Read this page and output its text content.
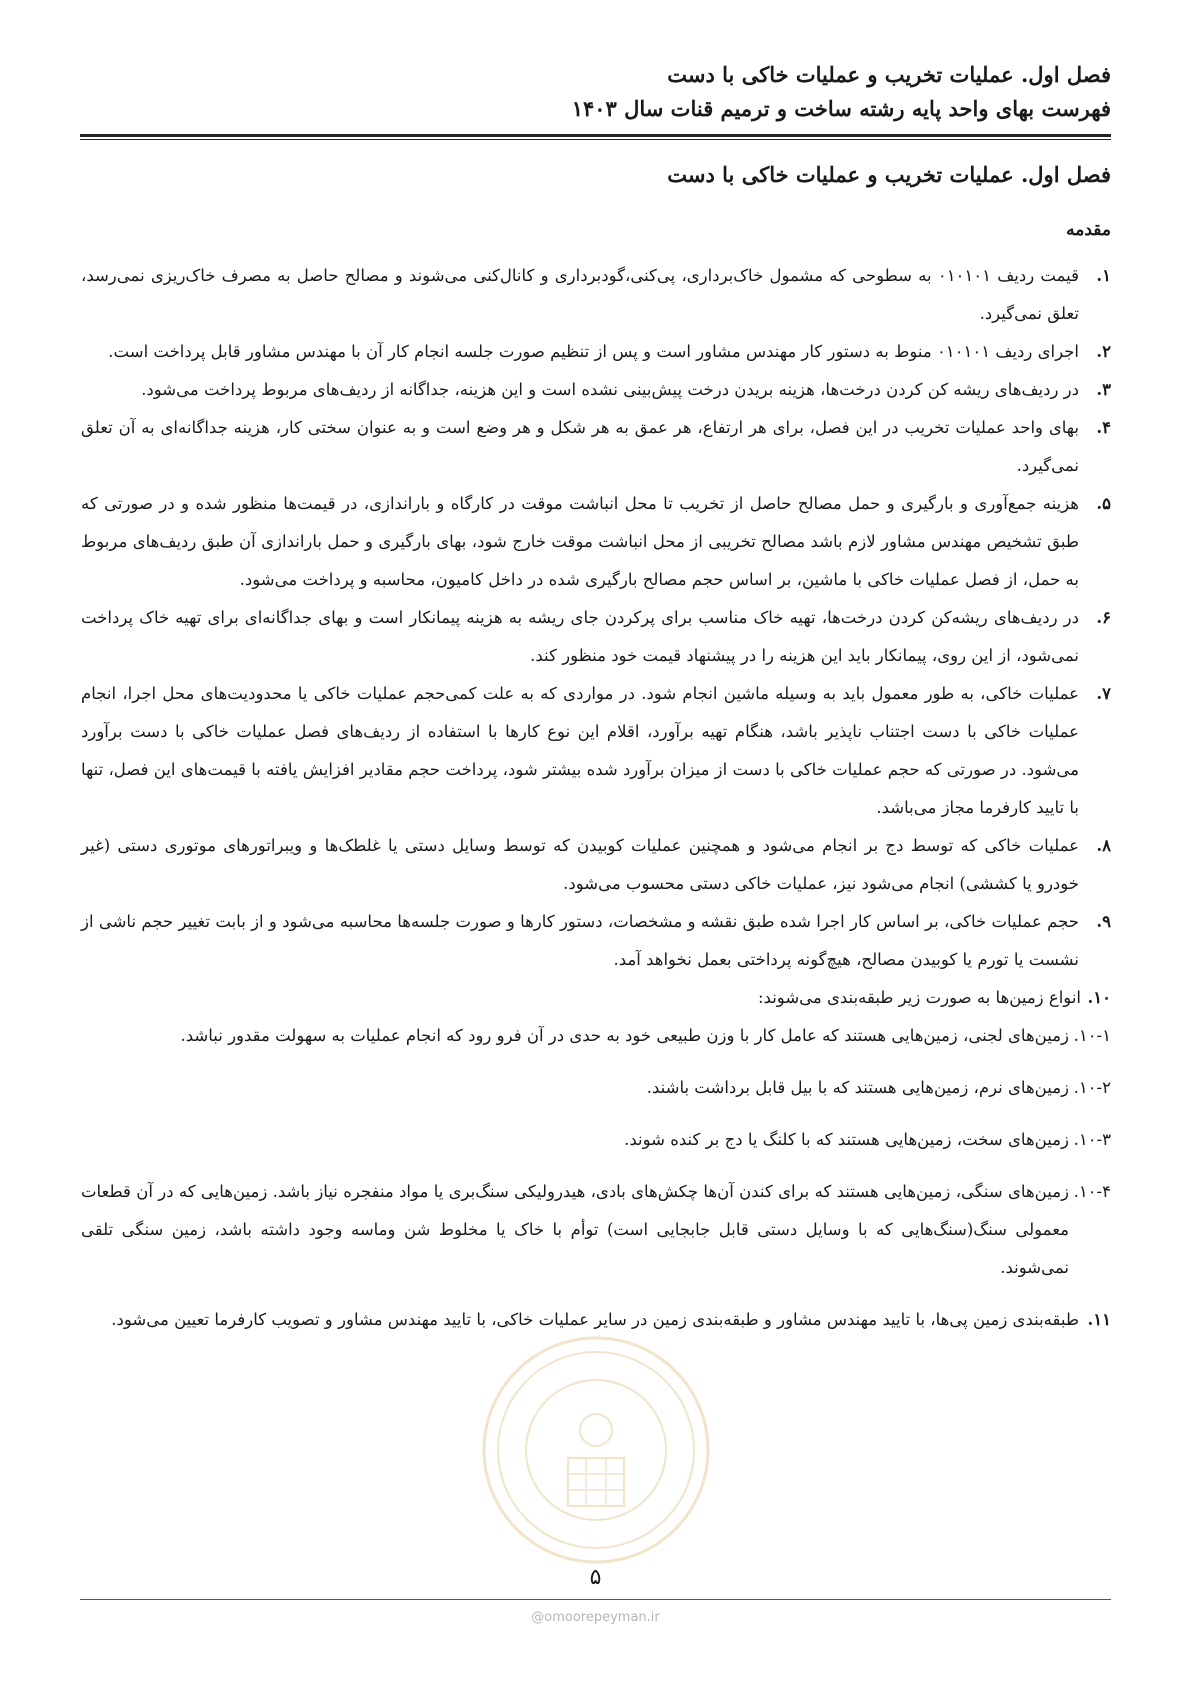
فصل اول. عملیات تخریب و عملیات خاکی با دست
فهرست بهای واحد پایه رشته ساخت و ترمیم قنات سال ۱۴۰۳
فصل اول. عملیات تخریب و عملیات خاکی با دست
مقدمه
۱.
قیمت ردیف ۰۱۰۱۰۱ به سطوحی که مشمول خاک‌برداری، پی‌کنی،گودبرداری و کانال‌کنی می‌شوند و مصالح حاصل به مصرف خاک‌ریزی نمی‌رسد، تعلق نمی‌گیرد.
۲.
اجرای ردیف ۰۱۰۱۰۱ منوط به دستور کار مهندس مشاور است و پس از تنظیم صورت جلسه انجام کار آن با مهندس مشاور قابل پرداخت است.
۳.
در ردیف‌های ریشه کن کردن درخت‌ها، هزینه بریدن درخت پیش‌بینی نشده است و این هزینه، جداگانه از ردیف‌های مربوط پرداخت می‌شود.
۴.
بهای واحد عملیات تخریب در این فصل، برای هر ارتفاع، هر عمق به هر شکل و هر وضع است و به عنوان سختی کار، هزینه جداگانه‌ای به آن تعلق نمی‌گیرد.
۵.
هزینه جمع‌آوری و بارگیری و حمل مصالح حاصل از تخریب تا محل انباشت موقت در کارگاه و باراندازی، در قیمت‌ها منظور شده و در صورتی که طبق تشخیص مهندس مشاور لازم باشد مصالح تخریبی از محل انباشت موقت خارج شود، بهای بارگیری و حمل باراندازی آن طبق ردیف‌های مربوط به حمل، از فصل عملیات خاکی با ماشین، بر اساس حجم مصالح بارگیری شده در داخل کامیون، محاسبه و پرداخت می‌شود.
۶.
در ردیف‌های ریشه‌کن کردن درخت‌ها، تهیه خاک مناسب برای پرکردن جای ریشه به هزینه پیمانکار است و بهای جداگانه‌ای برای تهیه خاک پرداخت نمی‌شود، از این روی، پیمانکار باید این هزینه را در پیشنهاد قیمت خود منظور کند.
۷.
عملیات خاکی، به طور معمول باید به وسیله ماشین انجام شود. در مواردی که به علت کمی‌حجم عملیات خاکی یا محدودیت‌های محل اجرا، انجام عملیات خاکی با دست اجتناب ناپذیر باشد، هنگام تهیه برآورد، اقلام این نوع کارها با استفاده از ردیف‌های فصل عملیات خاکی با دست برآورد می‌شود. در صورتی که حجم عملیات خاکی با دست از میزان برآورد شده بیشتر شود، پرداخت حجم مقادیر افزایش یافته با قیمت‌های این فصل، تنها با تایید کارفرما مجاز می‌باشد.
۸.
عملیات خاکی که توسط دج بر انجام می‌شود و همچنین عملیات کوبیدن که توسط وسایل دستی یا غلطک‌ها و ویبراتورهای موتوری دستی (غیر خودرو یا کششی) انجام می‌شود نیز، عملیات خاکی دستی محسوب می‌شود.
۹.
حجم عملیات خاکی، بر اساس کار اجرا شده طبق نقشه و مشخصات، دستور کارها و صورت جلسه‌ها محاسبه می‌شود و از بابت تغییر حجم ناشی از نشست یا تورم یا کوبیدن مصالح، هیچ‌گونه پرداختی بعمل نخواهد آمد.
۱۰.
انواع زمین‌ها به صورت زیر طبقه‌بندی می‌شوند:
۱۰-۱.
زمین‌های لجنی، زمین‌هایی هستند که عامل کار با وزن طبیعی خود به حدی در آن فرو رود که انجام عملیات به سهولت مقدور نباشد.
۱۰-۲.
زمین‌های نرم، زمین‌هایی هستند که با بیل قابل برداشت باشند.
۱۰-۳.
زمین‌های سخت، زمین‌هایی هستند که با کلنگ یا دج بر کنده شوند.
۱۰-۴.
زمین‌های سنگی، زمین‌هایی هستند که برای کندن آن‌ها چکش‌های بادی، هیدرولیکی سنگ‌بری یا مواد منفجره نیاز باشد. زمین‌هایی که در آن قطعات معمولی سنگ(سنگ‌هایی که با وسایل دستی قابل جابجایی است) توأم با خاک یا مخلوط شن وماسه وجود داشته باشد، زمین سنگی تلقی نمی‌شوند.
۱۱.
طبقه‌بندی زمین پی‌ها، با تایید مهندس مشاور و طبقه‌بندی زمین در سایر عملیات خاکی، با تایید مهندس مشاور و تصویب کارفرما تعیین می‌شود.
۵
@omoorepeyman.ir
